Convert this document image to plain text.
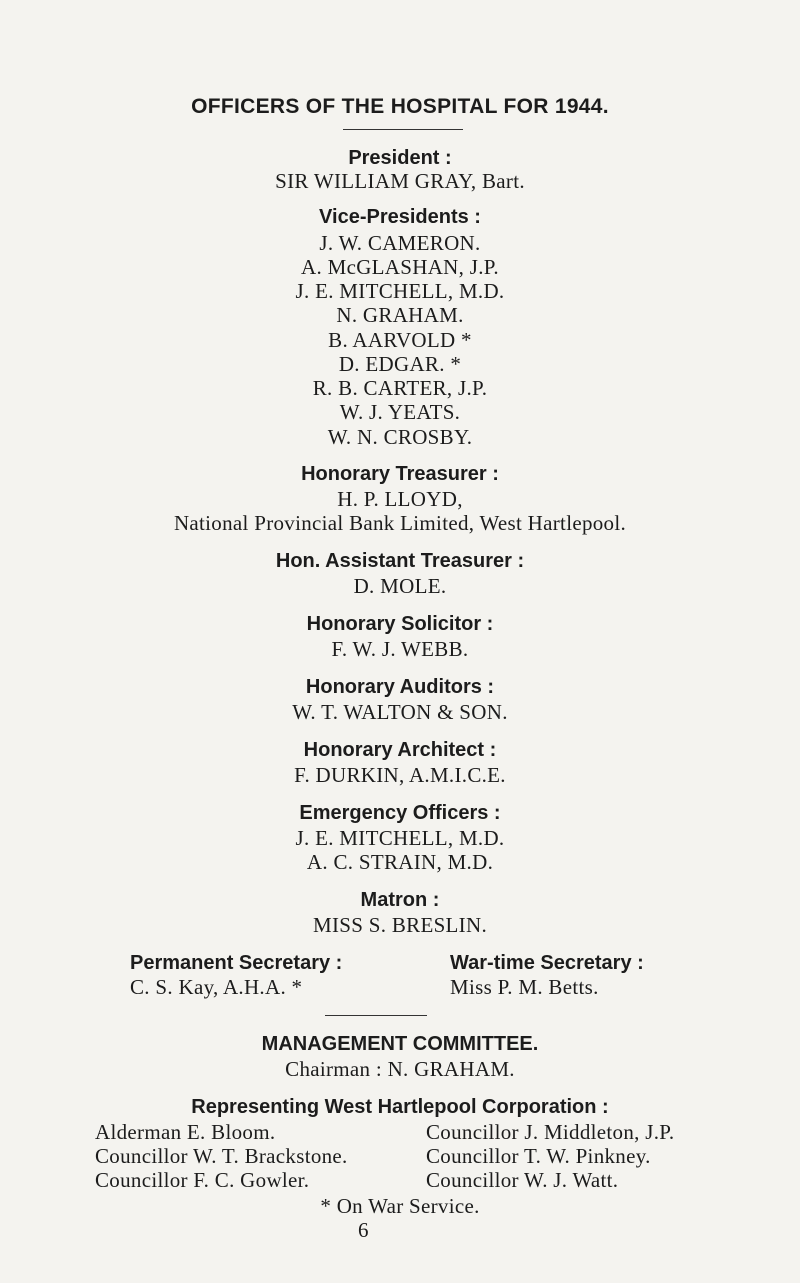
OFFICERS OF THE HOSPITAL FOR 1944.
President :
SIR WILLIAM GRAY, Bart.
Vice-Presidents :
J. W. CAMERON.
A. McGLASHAN, J.P.
J. E. MITCHELL, M.D.
N. GRAHAM.
B. AARVOLD *
D. EDGAR. *
R. B. CARTER, J.P.
W. J. YEATS.
W. N. CROSBY.
Honorary Treasurer :
H. P. LLOYD,
National Provincial Bank Limited, West Hartlepool.
Hon. Assistant Treasurer :
D. MOLE.
Honorary Solicitor :
F. W. J. WEBB.
Honorary Auditors :
W. T. WALTON & SON.
Honorary Architect :
F. DURKIN, A.M.I.C.E.
Emergency Officers :
J. E. MITCHELL, M.D.
A. C. STRAIN, M.D.
Matron :
MISS S. BRESLIN.
Permanent Secretary :
C. S. Kay, A.H.A. *
War-time Secretary :
Miss P. M. Betts.
MANAGEMENT COMMITTEE.
Chairman : N. GRAHAM.
Representing West Hartlepool Corporation :
Alderman E. Bloom.
Councillor W. T. Brackstone.
Councillor F. C. Gowler.
Councillor J. Middleton, J.P.
Councillor T. W. Pinkney.
Councillor W. J. Watt.
* On War Service.
6
